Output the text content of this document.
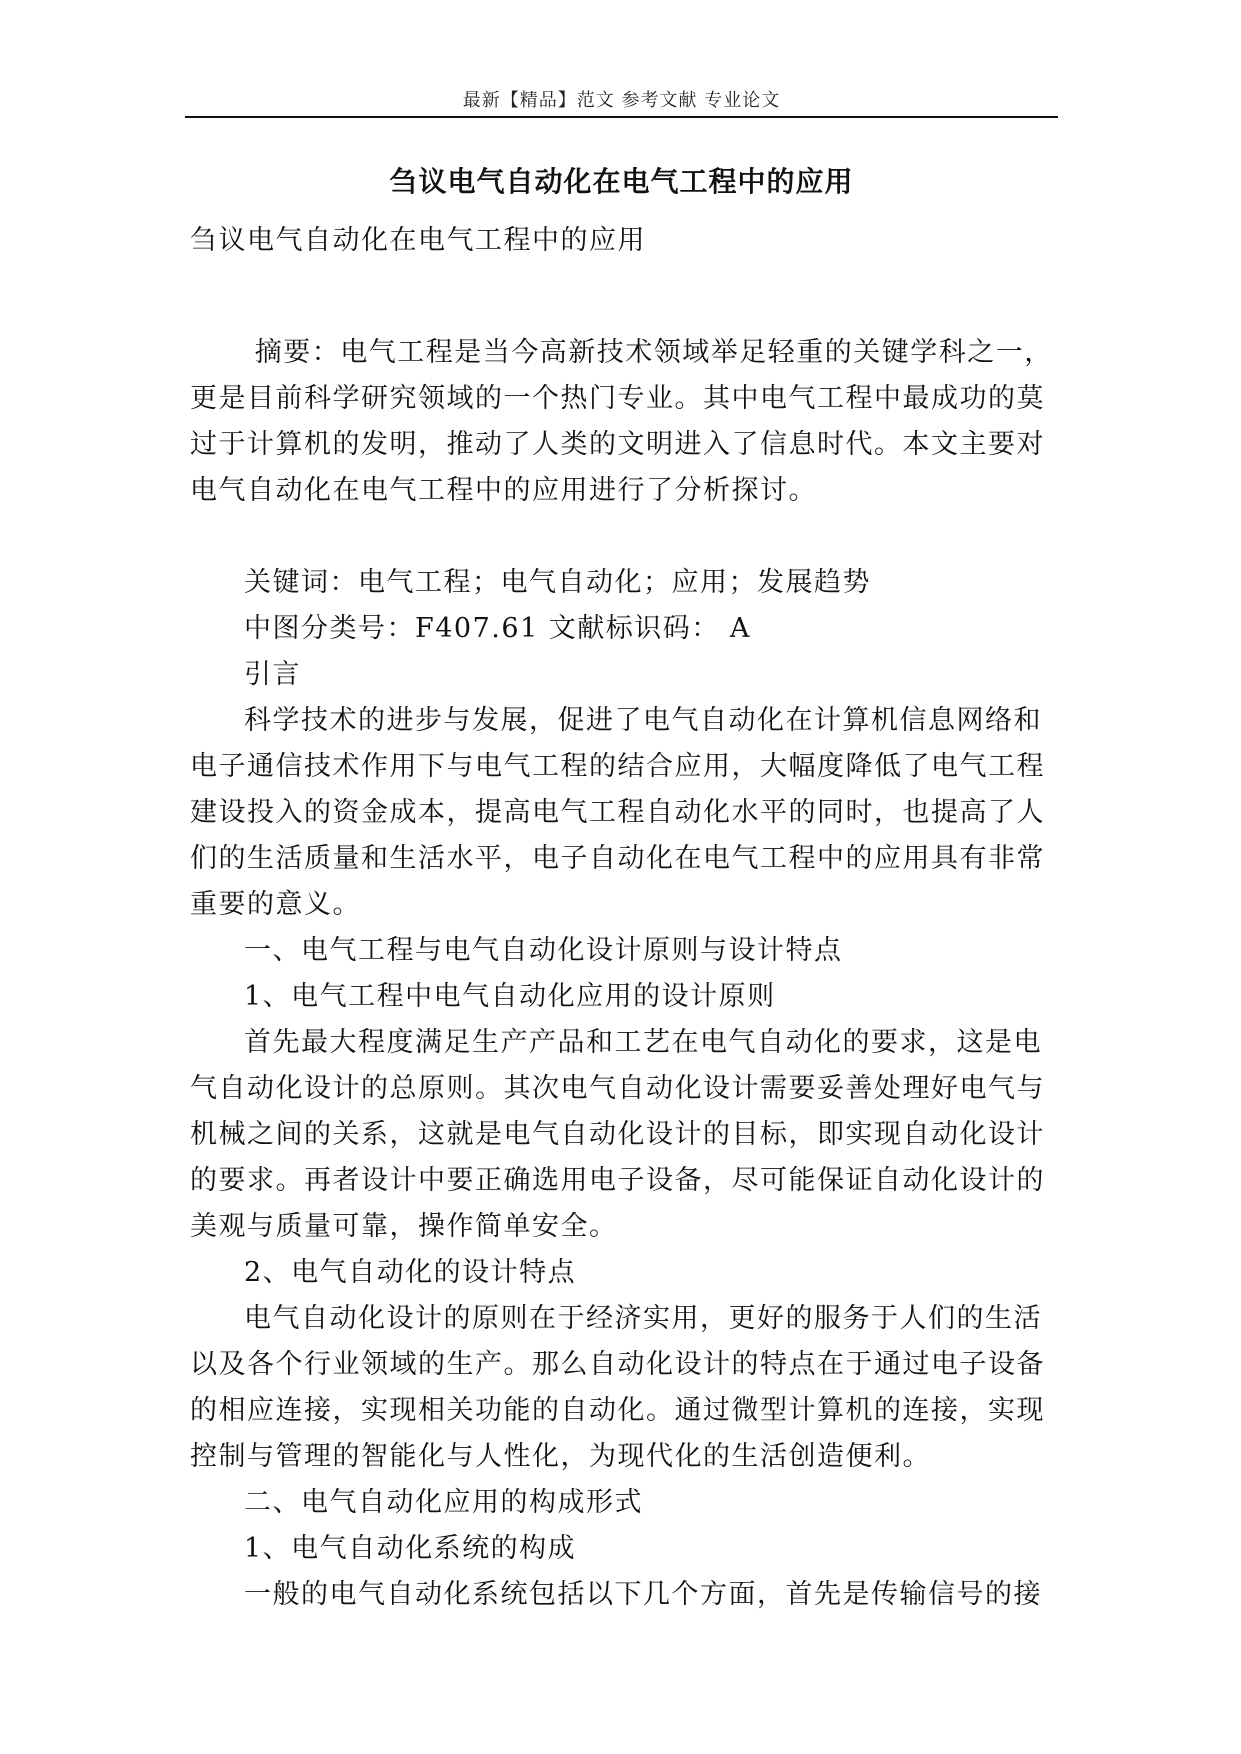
最新【精品】范文 参考文献 专业论文
刍议电气自动化在电气工程中的应用

刍议电气自动化在电气工程中的应用

摘要：电气工程是当今高新技术领域举足轻重的关键学科之一，更是目前科学研究领域的一个热门专业。其中电气工程中最成功的莫过于计算机的发明，推动了人类的文明进入了信息时代。本文主要对电气自动化在电气工程中的应用进行了分析探讨。

关键词：电气工程；电气自动化；应用；发展趋势

中图分类号：F407.61 文献标识码： A

引言

科学技术的进步与发展，促进了电气自动化在计算机信息网络和电子通信技术作用下与电气工程的结合应用，大幅度降低了电气工程建设投入的资金成本，提高电气工程自动化水平的同时，也提高了人们的生活质量和生活水平，电子自动化在电气工程中的应用具有非常重要的意义。

一、电气工程与电气自动化设计原则与设计特点

1、电气工程中电气自动化应用的设计原则

首先最大程度满足生产产品和工艺在电气自动化的要求，这是电气自动化设计的总原则。其次电气自动化设计需要妥善处理好电气与机械之间的关系，这就是电气自动化设计的目标，即实现自动化设计的要求。再者设计中要正确选用电子设备，尽可能保证自动化设计的美观与质量可靠，操作简单安全。

2、电气自动化的设计特点

电气自动化设计的原则在于经济实用，更好的服务于人们的生活以及各个行业领域的生产。那么自动化设计的特点在于通过电子设备的相应连接，实现相关功能的自动化。通过微型计算机的连接，实现控制与管理的智能化与人性化，为现代化的生活创造便利。

二、电气自动化应用的构成形式

1、电气自动化系统的构成

一般的电气自动化系统包括以下几个方面，首先是传输信号的接
